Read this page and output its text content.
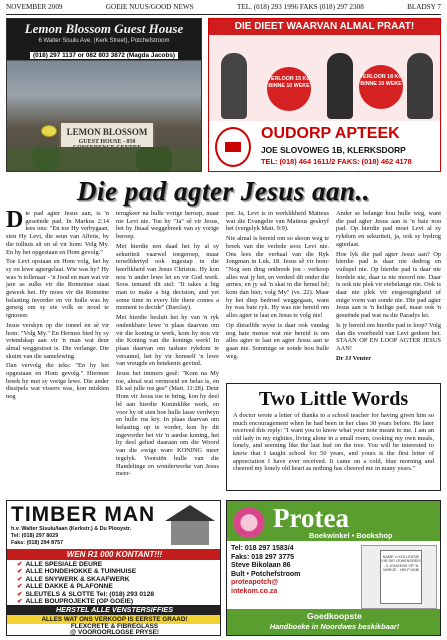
NOVEMBER 2009	GOEIE NUUS/GOOD NEWS	TEL. (018) 293 1996 FAKS (018) 297 2308	BLADSY 7
Lemon Blossom Guest House
6 Walter Sisulu Ave. (Kerk Street), Potchefstroom
(018) 297 1137 or 082 803 3872 (Magda Jacobs)
LEMON BLOSSOM
GUEST HOUSE - 050
DIE DIEET WAARVAN ALMAL PRAAT!
VERLOOR 15 KG BINNE 10 WEKE
VERLOOR 18 KG BINNE 10 WEKE
OUDORP APTEEK
JOE SLOVOWEG 1B, KLERKSDORP
TEL: (018) 464 1611/2 FAKS: (018) 462 4178
Die pad agter Jesus aan..

Die pad agter Jesus aan, is 'n geseënde pad. In Markus 2:14 lees ons: "En toe Hy verbygaan, sien Hy Levi, die seun van Alfeüs, by die tolhuis sit en sê vir hom: Volg My. En hy het opgestaan en Hom gevolg."

Toe Levi opstaan en Hom volg, het hy sy ou lewe agtergelaat. Wie was hy? Hy was 'n tollenaar - 'n Jood en man wat vir jare as sulks vir die Romeinse staat gewerk het. Hy moes vir die Romeine belasting invorder en vir hulle was hy geneig om sy eie volk se nood te ignoreer.

Jesus verskyn op die toneel en sê vir hom: "Volg My." En Hermes bied hy sy vriendskap aan vir 'n man wat deur almal weggestoot is. Die verlange. Die skuim van die samelewing.

Dan vervolg die teks: "En hy het opgestaan en Hom gevolg." Hiermee breek hy met sy vorige lewe. Die ander dissipels wat vissers was, kon miskien nog

terugkeer na hulle vorige beroep, maar nie Levi nie. Toe hy "Ja" sê vir Jesus, het hy finaal weggebreek van sy vorige beroep.

Met hierdie een daad het hy al sy sekuriteit vaarwel toegeroep, maar terselfdertyd ook ingestap in die heerlikheid van Jesus Christus. Hy kon nou 'n ander lewe lei en vir God werk. Soos iemand dit stel: "It takes a big man to make a big decision, and yet some time in every life there comes a moment to decide" (Barclay).

Met hierdie besluit het hy van 'n ryk ondenkbare lewe 'n plaas daarvan om vir die koning te werk, kom hy nou vir die Koning van die konings werk! In plaas daarvan om tasbare rykdom te versamel, het hy vir homself 'n lewe van vreugde en betekenis gevind.

Jesus het immers gesê: "Kom na My toe, almal wat vermoeid en belas is, en Ek sal julle rus gee" (Matt. 11:28). Deur Hom vir Jesus toe te bring, kon hy deel hê aan hierdie Koninklike werk, en voor hy oë sien hoe hulle lasse verdwyn en hulle rus kry. In plaas daarvan om belasting op te vorder, kon hy dit ingevorder het vir 'n aardse koning, het hy deel gehad daaraan om die Woord van die ewige ware KONING meer tegelyk. Voorsiën hulle van die Handelinge en wonderwerke van Jesus meer-

per. Ja, Levi is in werklikheid Matteus wat die Evangelie van Matteus geskryf het (vergelyk Matt. 9:9).

Nie almal is bereid om so skoon weg te breek van die verlede soos Levi nie. Ons lees die verhaal van die Ryk Jongman in Luk. 18. Jesus sê vir hom: "Nog een ding ontbreek jou - verkoop alles wat jy het, en verdeel dit onder die armes, en jy sal 'n skat in die hemel hê; kom dan hier, volg My" (vs. 22). Maar hy het diep bedroef weggegaan, want hy was baie ryk. Hy was nie bereid om alles agter te laat en Jesus te volg nie!

Op dieselfde wyse is daar ook vandag nog baie mense wat nie bereid is om alles agter te laat en agter Jesus aan te gaan nie. Sommige se sonde hou hulle weg.

Ander se belange hou hulle weg, want die pad agter Jesus aan is 'n baie nou pad. Op hierdie pad moet Levi al sy rykdom en sekuriteit, ja, ook sy bydrog agterlaat.

Hoe lyk die pad agter Jesus aan? Op hierdie pad is daar nie dedrog en vuilspel nie. Op hierdie pad is daar nie bordele nie, daar is nie moord nie. Daar is ook nie plek vir eiebelange nie. Ook is daar nie plek vir eiegeregtigheid of enige vorm van sonde nie. Die pad agter Jesus aan is 'n heilige pad, maar ook 'n geseënde pad wat na die Paradys lei.

Is jy bereid om hierdie pad te loop? Volg dan die voorbeeld van Levi gedoen het. STAAN OP EN LOOP AGTER JESUS AAN!

Dr JJ Venter

Two Little Words

A doctor wrote a letter of thanks to a school teacher for having given him so much encouragement when he had been in her class 30 years before. He later received this reply: "I want you to know what your note meant to me. I am an old lady in my eighties, living alone in a small room, cooking my own meals, lonely, and seeming like the last leaf on the tree. You will be interested to know that I taught school for 50 years, and yours is the first letter of appreciation I have ever received. It came on a cold, blue morning and cheered my lonely old heart as nothing has cheered me in many years."

TIMBER MAN
h.v. Walter Sisulu/laan (Kerkstr.) & Du Plooystr.
Tel: (018) 297 8029
Faks: (018) 294 8757
WEN R1 000 KONTANT!!!
✔ ALLE SPESIALE DEURE
✔ ALLE HONDEHOKKE & TUINHUISE
✔ ALLE SNYWERK & SKAAFWERK
✔ ALLE DAKKE & PLAFONNE
✔ SLEUTELS & SLOTTE Tel: (018) 293 0128
✔ ALLE BOUPROJEKTE (OP GOEIE)
HERSTEL ALLE VENSTERSIFFIES
ALLES WAT ONS VERKOOP IS EERSTE GRAAD!
FLEXCRETE & FIBREGLASS
@ VOOROORLOGSE PRYSE!
Protea
Boekwinkel • Bookshop
Tel: 018 297 1583/4
Faks: 018 297 3775
Steve Bikolaan 86
Bult • Potchefstroom
proteapotch@
intekom.co.za
NAME 'n KOLLEKSIE VIR DIE LEWENSREIS - 3 JONGENS OP 'N VARKIE - HELP ASB!
Goedkoopste
Handboeke in Noordwes beskikbaar!
